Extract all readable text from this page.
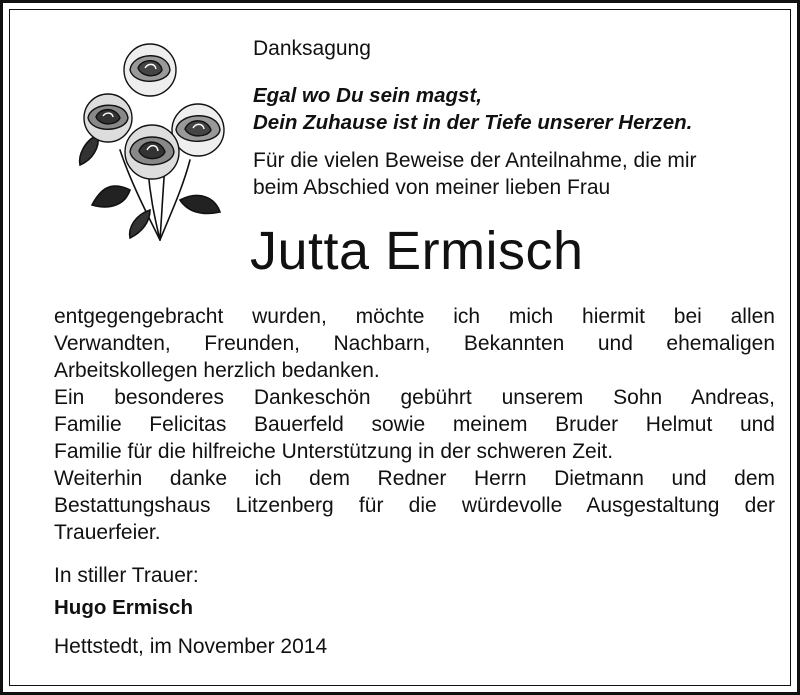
Danksagung
Egal wo Du sein magst,
Dein Zuhause ist in der Tiefe unserer Herzen.
Für die vielen Beweise der Anteilnahme, die mir
beim Abschied von meiner lieben Frau
Jutta Ermisch
entgegengebracht wurden, möchte ich mich hiermit bei allen
Verwandten, Freunden, Nachbarn, Bekannten und ehemaligen
Arbeitskollegen herzlich bedanken.
Ein besonderes Dankeschön gebührt unserem Sohn Andreas,
Familie Felicitas Bauerfeld sowie meinem Bruder Helmut und
Familie für die hilfreiche Unterstützung in der schweren Zeit.
Weiterhin danke ich dem Redner Herrn Dietmann und dem
Bestattungshaus Litzenberg für die würdevolle Ausgestaltung der
Trauerfeier.
In stiller Trauer:
Hugo Ermisch
Hettstedt, im November 2014
